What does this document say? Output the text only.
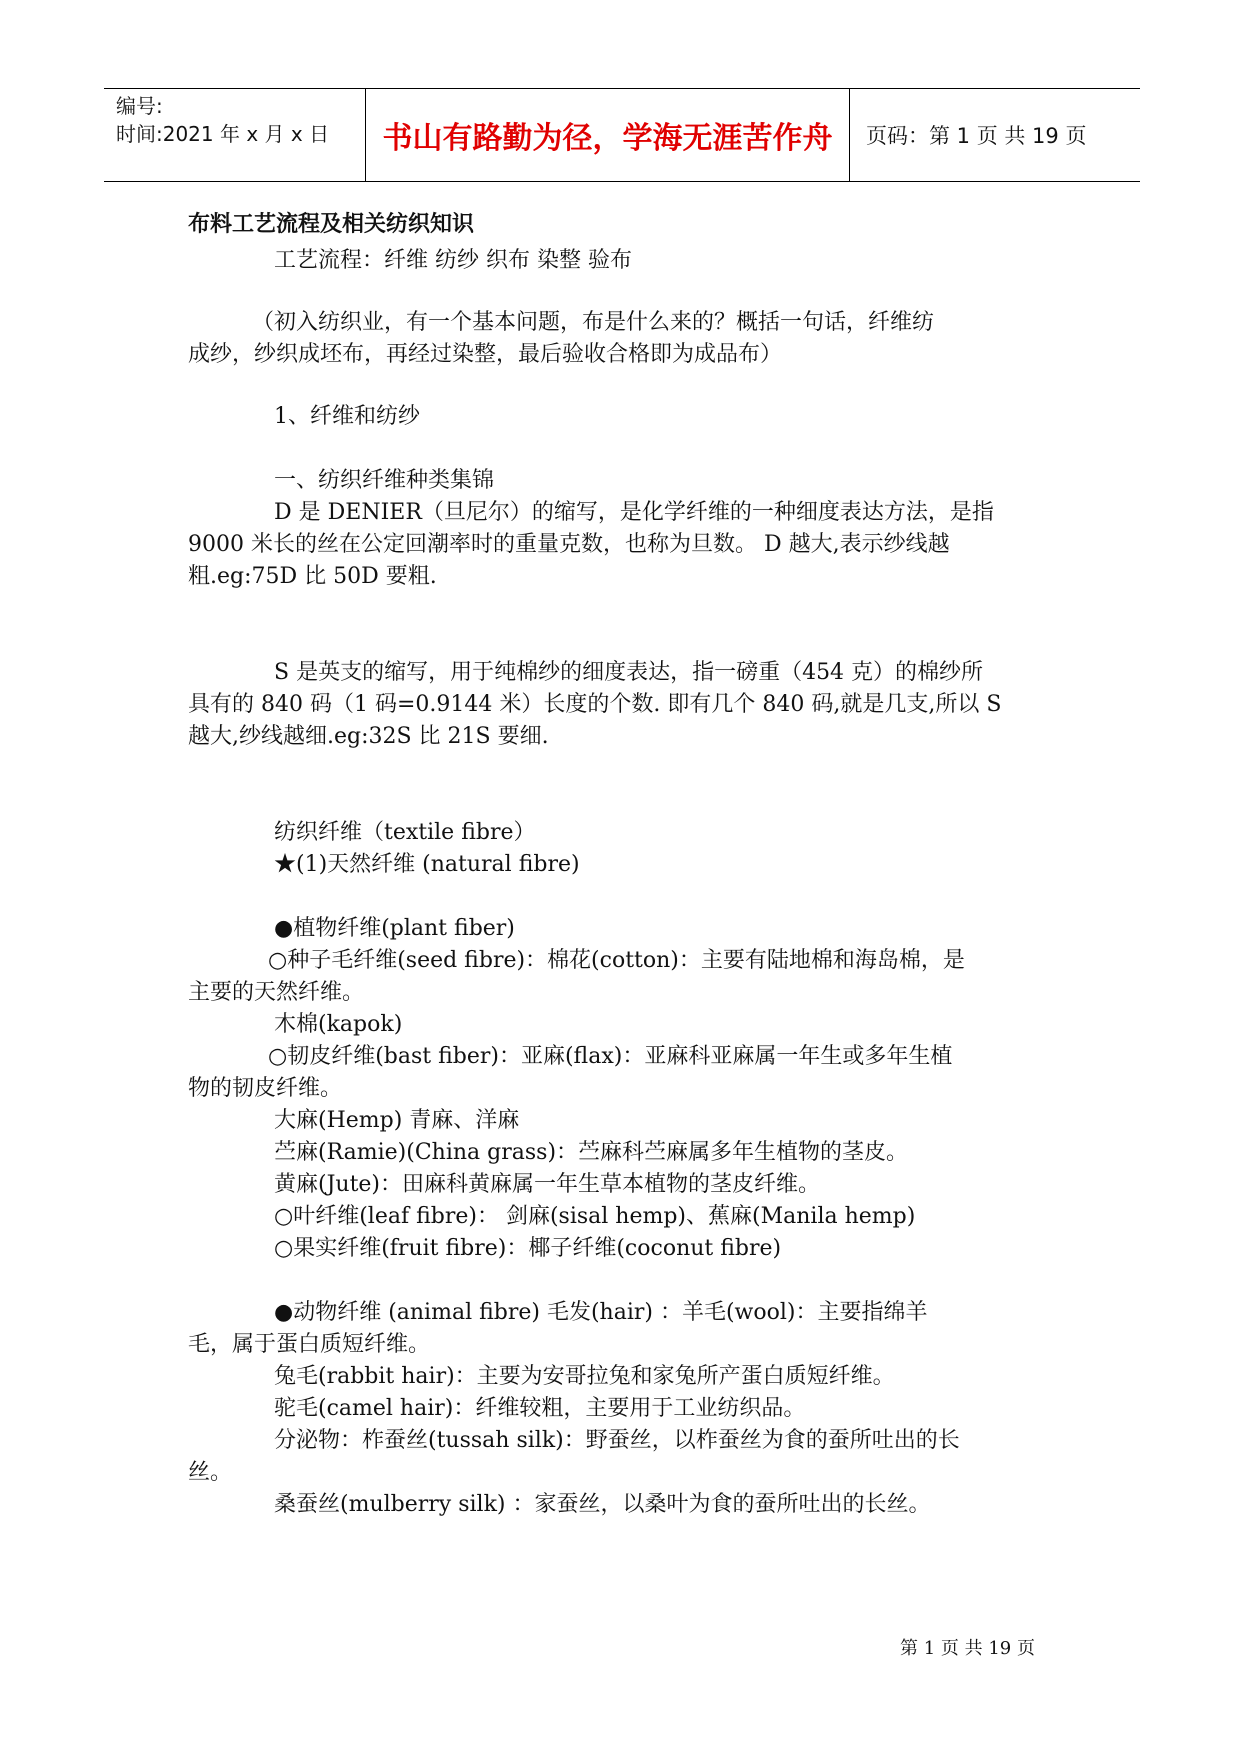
编号:
时间:2021 年 x 月 x 日	书山有路勤为径，学海无涯苦作舟	页码：第 1 页 共 19 页
布料工艺流程及相关纺织知识
工艺流程：纤维 纺纱 织布 染整 验布
（初入纺织业，有一个基本问题，布是什么来的？概括一句话，纤维纺
成纱，纱织成坯布，再经过染整，最后验收合格即为成品布）
1、纤维和纺纱
一、纺织纤维种类集锦
D 是 DENIER（旦尼尔）的缩写，是化学纤维的一种细度表达方法，是指
9000 米长的丝在公定回潮率时的重量克数，也称为旦数。 D 越大,表示纱线越
粗.eg:75D 比 50D 要粗.
S 是英支的缩写，用于纯棉纱的细度表达，指一磅重（454 克）的棉纱所
具有的 840 码（1 码=0.9144 米）长度的个数. 即有几个 840 码,就是几支,所以 S
越大,纱线越细.eg:32S 比 21S 要细.
纺织纤维（textile fibre）
★(1)天然纤维 (natural fibre)
●植物纤维(plant fiber)
○种子毛纤维(seed fibre)：棉花(cotton)：主要有陆地棉和海岛棉，是
主要的天然纤维。
木棉(kapok)
○韧皮纤维(bast fiber)：亚麻(flax)：亚麻科亚麻属一年生或多年生植
物的韧皮纤维。
大麻(Hemp) 青麻、洋麻
苎麻(Ramie)(China grass)：苎麻科苎麻属多年生植物的茎皮。
黄麻(Jute)：田麻科黄麻属一年生草本植物的茎皮纤维。
○叶纤维(leaf fibre)： 剑麻(sisal hemp)、蕉麻(Manila hemp)
○果实纤维(fruit fibre)：椰子纤维(coconut fibre)
●动物纤维 (animal fibre) 毛发(hair) ：羊毛(wool)：主要指绵羊
毛，属于蛋白质短纤维。
兔毛(rabbit hair)：主要为安哥拉兔和家兔所产蛋白质短纤维。
驼毛(camel hair)：纤维较粗，主要用于工业纺织品。
分泌物：柞蚕丝(tussah silk)：野蚕丝，以柞蚕丝为食的蚕所吐出的长
丝。
桑蚕丝(mulberry silk) ：家蚕丝，以桑叶为食的蚕所吐出的长丝。
第 1 页 共 19 页
